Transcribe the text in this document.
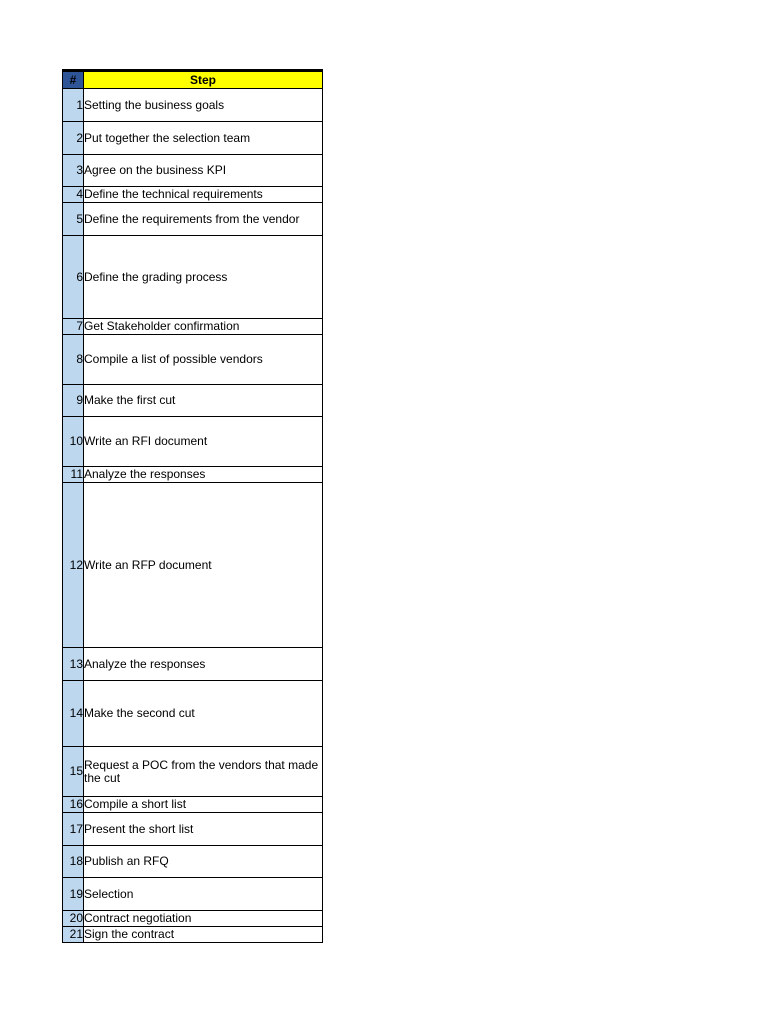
#	Step
1	Setting the business goals
2	Put together the selection team
3	Agree on the business KPI
4	Define the technical requirements
5	Define the requirements from the vendor
6	Define the grading process
7	Get Stakeholder confirmation
8	Compile a list of possible vendors
9	Make the first cut
10	Write an RFI document
11	Analyze the responses
12	Write an RFP document
13	Analyze the responses
14	Make the second cut
15	Request a POC from the vendors that made the cut
16	Compile a short list
17	Present the short list
18	Publish an RFQ
19	Selection
20	Contract negotiation
21	Sign the contract
